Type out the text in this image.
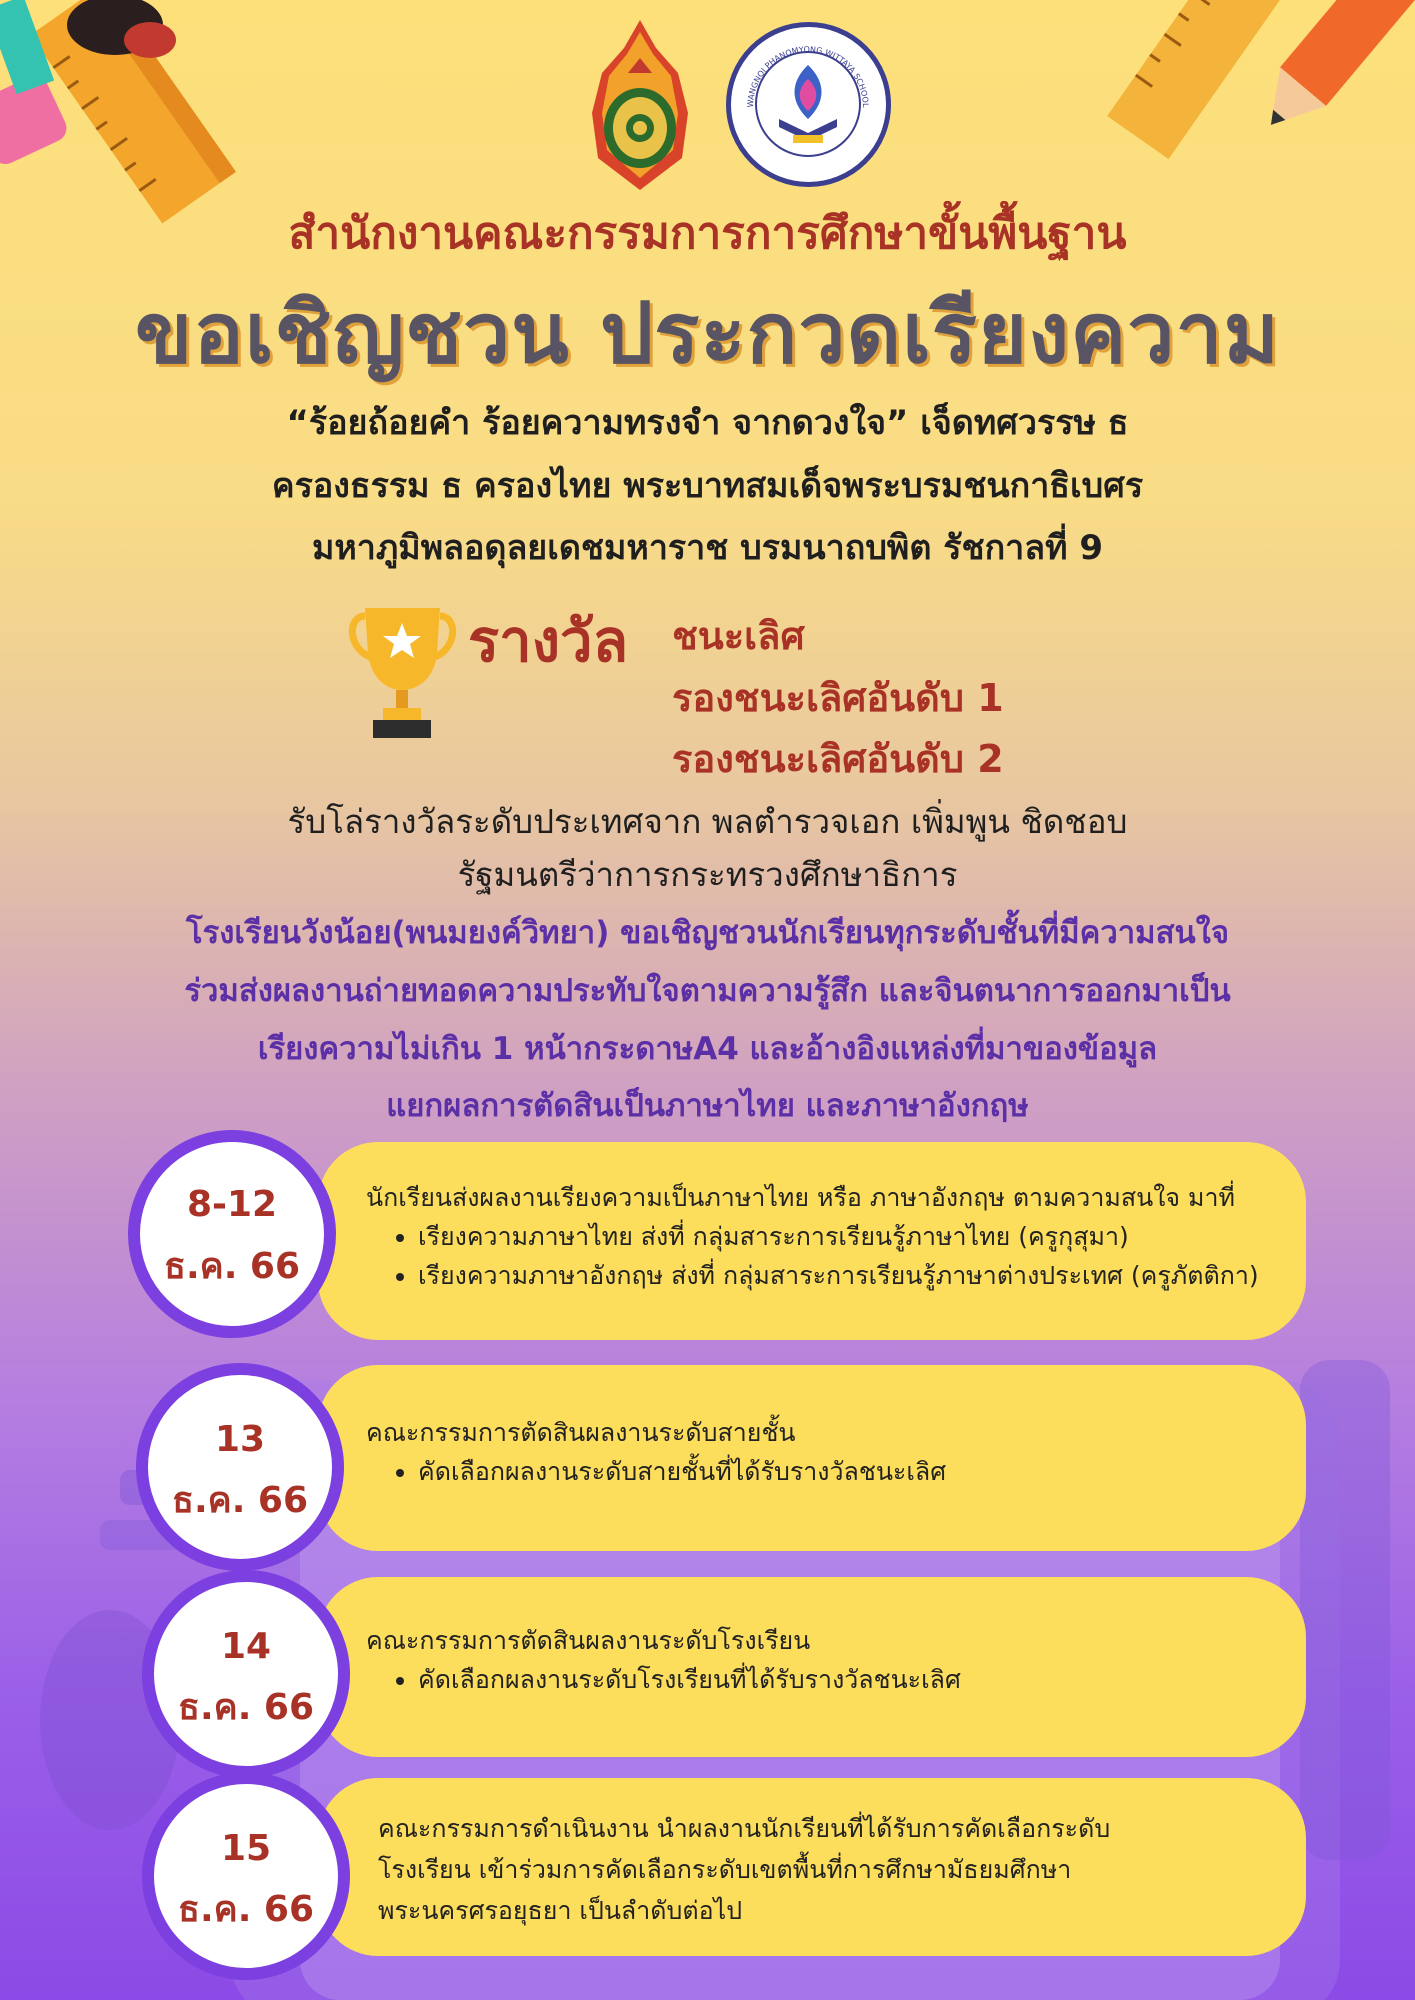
WANGNOI PHANOMYONG WITTAYA SCHOOL
สำนักงานคณะกรรมการการศึกษาขั้นพื้นฐาน
ขอเชิญชวน ประกวดเรียงความ
“ร้อยถ้อยคำ ร้อยความทรงจำ จากดวงใจ” เจ็ดทศวรรษ ธ
ครองธรรม ธ ครองไทย พระบาทสมเด็จพระบรมชนกาธิเบศร
มหาภูมิพลอดุลยเดชมหาราช บรมนาถบพิต รัชกาลที่ 9
รางวัล ชนะเลิศ
รองชนะเลิศอันดับ 1
รองชนะเลิศอันดับ 2
รับโล่รางวัลระดับประเทศจาก พลตำรวจเอก เพิ่มพูน ชิดชอบ
รัฐมนตรีว่าการกระทรวงศึกษาธิการ
โรงเรียนวังน้อย(พนมยงค์วิทยา) ขอเชิญชวนนักเรียนทุกระดับชั้นที่มีความสนใจ
ร่วมส่งผลงานถ่ายทอดความประทับใจตามความรู้สึก และจินตนาการออกมาเป็น
เรียงความไม่เกิน 1 หน้ากระดาษA4 และอ้างอิงแหล่งที่มาของข้อมูล
แยกผลการตัดสินเป็นภาษาไทย และภาษาอังกฤษ
นักเรียนส่งผลงานเรียงความเป็นภาษาไทย หรือ ภาษาอังกฤษ ตามความสนใจ มาที่
• เรียงความภาษาไทย ส่งที่ กลุ่มสาระการเรียนรู้ภาษาไทย (ครูกุสุมา)
• เรียงความภาษาอังกฤษ ส่งที่ กลุ่มสาระการเรียนรู้ภาษาต่างประเทศ (ครูภัตติกา)
8-12
ธ.ค. 66
คณะกรรมการตัดสินผลงานระดับสายชั้น
• คัดเลือกผลงานระดับสายชั้นที่ได้รับรางวัลชนะเลิศ
13
ธ.ค. 66
คณะกรรมการตัดสินผลงานระดับโรงเรียน
• คัดเลือกผลงานระดับโรงเรียนที่ได้รับรางวัลชนะเลิศ
14
ธ.ค. 66
คณะกรรมการดำเนินงาน นำผลงานนักเรียนที่ได้รับการคัดเลือกระดับ
โรงเรียน เข้าร่วมการคัดเลือกระดับเขตพื้นที่การศึกษามัธยมศึกษา
พระนครศรอยุธยา เป็นลำดับต่อไป
15
ธ.ค. 66
